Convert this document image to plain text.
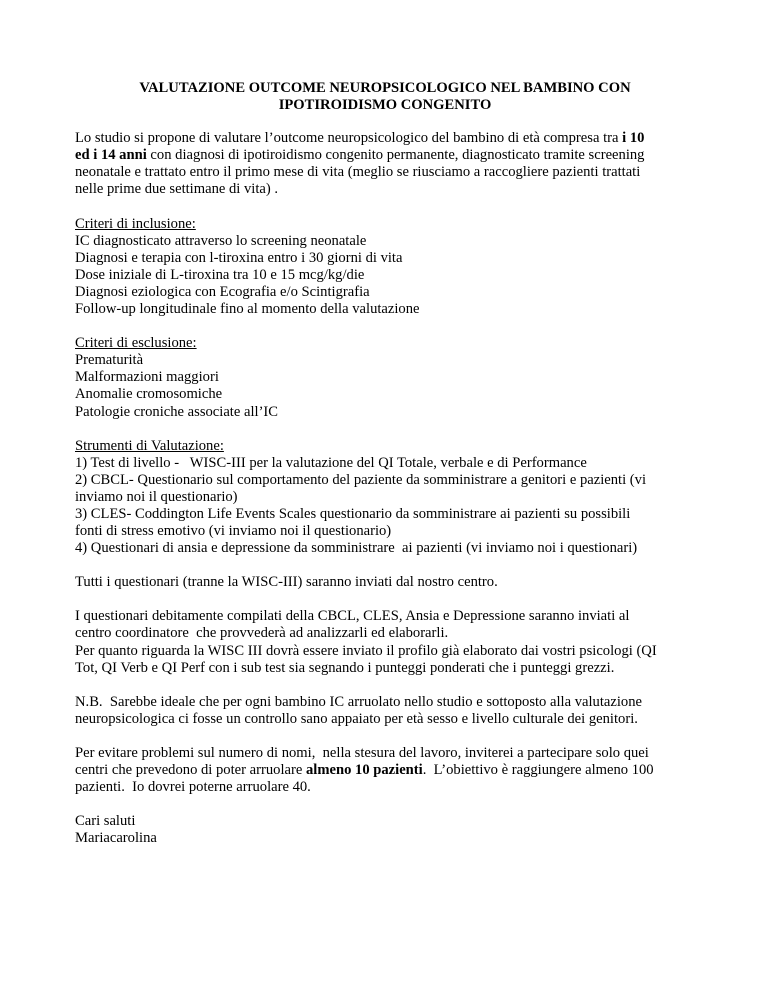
VALUTAZIONE OUTCOME NEUROPSICOLOGICO NEL BAMBINO CON
IPOTIROIDISMO CONGENITO

Lo studio si propone di valutare l’outcome neuropsicologico del bambino di età compresa tra i 10
ed i 14 anni con diagnosi di ipotiroidismo congenito permanente, diagnosticato tramite screening
neonatale e trattato entro il primo mese di vita (meglio se riusciamo a raccogliere pazienti trattati
nelle prime due settimane di vita) .

Criteri di inclusione:
IC diagnosticato attraverso lo screening neonatale
Diagnosi e terapia con l-tiroxina entro i 30 giorni di vita
Dose iniziale di L-tiroxina tra 10 e 15 mcg/kg/die
Diagnosi eziologica con Ecografia e/o Scintigrafia
Follow-up longitudinale fino al momento della valutazione
Criteri di esclusione:
Prematurità
Malformazioni maggiori
Anomalie cromosomiche
Patologie croniche associate all’IC
Strumenti di Valutazione:
1) Test di livello -   WISC-III per la valutazione del QI Totale, verbale e di Performance
2) CBCL- Questionario sul comportamento del paziente da somministrare a genitori e pazienti (vi
inviamo noi il questionario)
3) CLES- Coddington Life Events Scales questionario da somministrare ai pazienti su possibili
fonti di stress emotivo (vi inviamo noi il questionario)
4) Questionari di ansia e depressione da somministrare  ai pazienti (vi inviamo noi i questionari)

Tutti i questionari (tranne la WISC-III) saranno inviati dal nostro centro.

I questionari debitamente compilati della CBCL, CLES, Ansia e Depressione saranno inviati al
centro coordinatore  che provvederà ad analizzarli ed elaborarli.
Per quanto riguarda la WISC III dovrà essere inviato il profilo già elaborato dai vostri psicologi (QI
Tot, QI Verb e QI Perf con i sub test sia segnando i punteggi ponderati che i punteggi grezzi.

N.B.  Sarebbe ideale che per ogni bambino IC arruolato nello studio e sottoposto alla valutazione
neuropsicologica ci fosse un controllo sano appaiato per età sesso e livello culturale dei genitori.

Per evitare problemi sul numero di nomi,  nella stesura del lavoro, inviterei a partecipare solo quei
centri che prevedono di poter arruolare almeno 10 pazienti.  L’obiettivo è raggiungere almeno 100
pazienti.  Io dovrei poterne arruolare 40.

Cari saluti
Mariacarolina
